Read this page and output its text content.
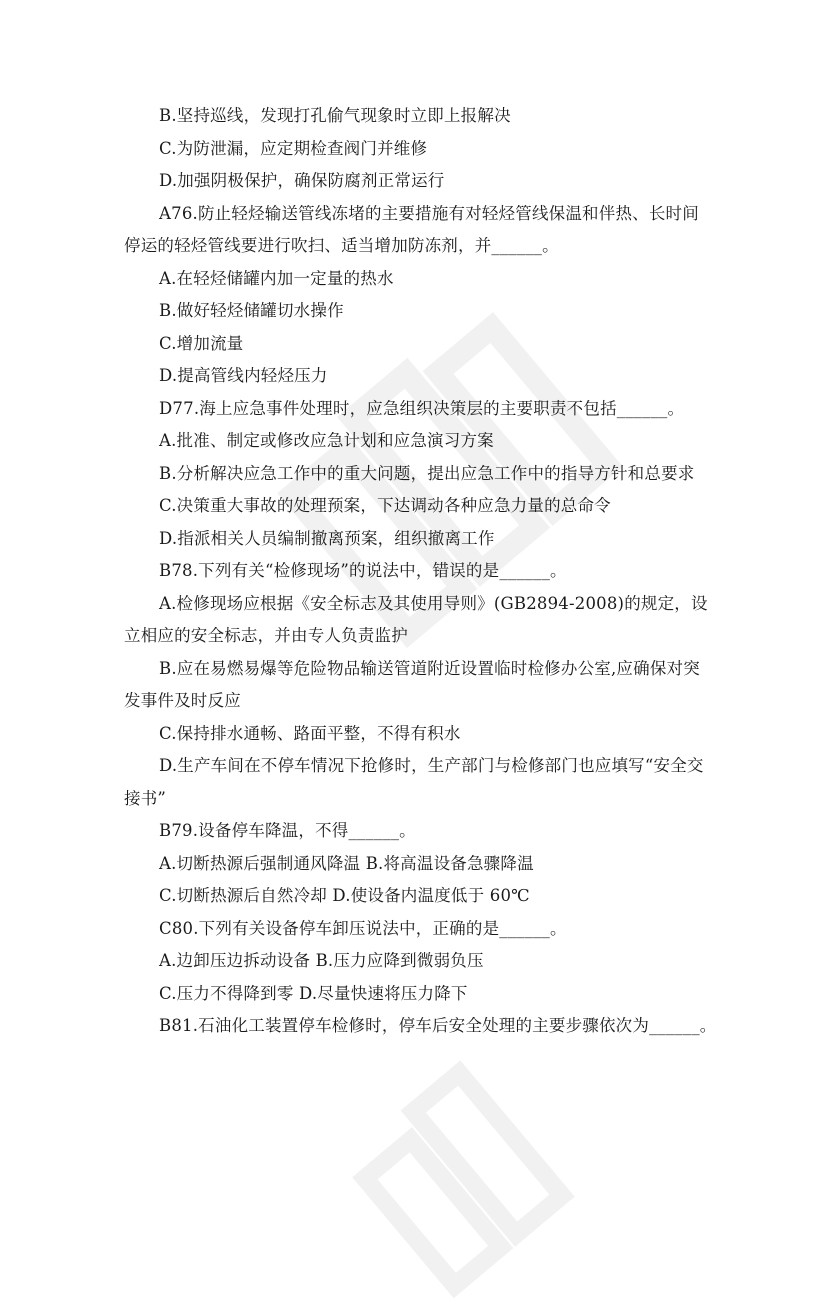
B.坚持巡线，发现打孔偷气现象时立即上报解决
C.为防泄漏，应定期检查阀门并维修
D.加强阴极保护，确保防腐剂正常运行
A76.防止轻烃输送管线冻堵的主要措施有对轻烃管线保温和伴热、长时间停运的轻烃管线要进行吹扫、适当增加防冻剂，并______。
A.在轻烃储罐内加一定量的热水
B.做好轻烃储罐切水操作
C.增加流量
D.提高管线内轻烃压力
D77.海上应急事件处理时，应急组织决策层的主要职责不包括______。
A.批准、制定或修改应急计划和应急演习方案
B.分析解决应急工作中的重大问题，提出应急工作中的指导方针和总要求
C.决策重大事故的处理预案，下达调动各种应急力量的总命令
D.指派相关人员编制撤离预案，组织撤离工作
B78.下列有关“检修现场”的说法中，错误的是______。
A.检修现场应根据《安全标志及其使用导则》(GB2894-2008)的规定，设立相应的安全标志，并由专人负责监护
B.应在易燃易爆等危险物品输送管道附近设置临时检修办公室,应确保对突发事件及时反应
C.保持排水通畅、路面平整，不得有积水
D.生产车间在不停车情况下抢修时，生产部门与检修部门也应填写“安全交接书”
B79.设备停车降温，不得______。
A.切断热源后强制通风降温 B.将高温设备急骤降温
C.切断热源后自然冷却 D.使设备内温度低于 60℃
C80.下列有关设备停车卸压说法中，正确的是______。
A.边卸压边拆动设备 B.压力应降到微弱负压
C.压力不得降到零 D.尽量快速将压力降下
B81.石油化工装置停车检修时，停车后安全处理的主要步骤依次为______。
